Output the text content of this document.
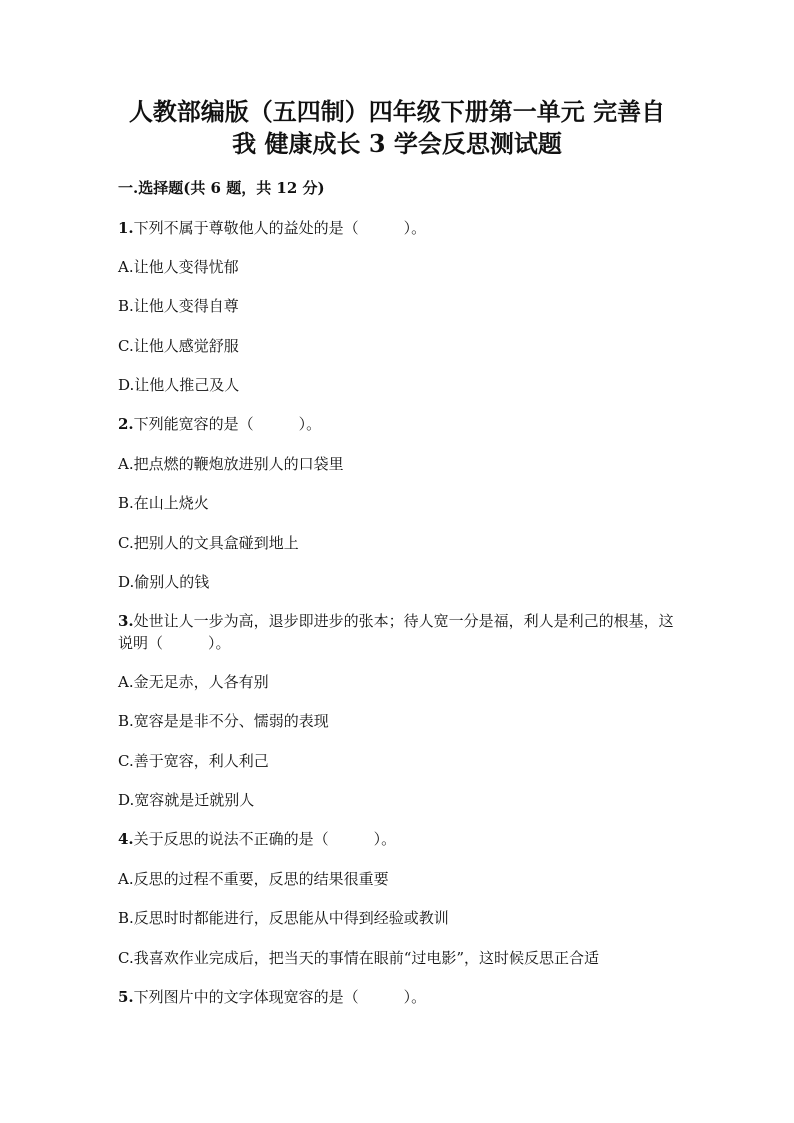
人教部编版（五四制）四年级下册第一单元 完善自
我 健康成长 3 学会反思测试题
一.选择题(共 6 题，共 12 分)
1.下列不属于尊敬他人的益处的是（　　　）。
A.让他人变得忧郁
B.让他人变得自尊
C.让他人感觉舒服
D.让他人推己及人
2.下列能宽容的是（　　　）。
A.把点燃的鞭炮放进别人的口袋里
B.在山上烧火
C.把别人的文具盒碰到地上
D.偷别人的钱
3.处世让人一步为高，退步即进步的张本；待人宽一分是福，利人是利己的根基，这说明（　　　）。
A.金无足赤，人各有别
B.宽容是是非不分、懦弱的表现
C.善于宽容，利人利己
D.宽容就是迁就别人
4.关于反思的说法不正确的是（　　　）。
A.反思的过程不重要，反思的结果很重要
B.反思时时都能进行，反思能从中得到经验或教训
C.我喜欢作业完成后，把当天的事情在眼前“过电影”，这时候反思正合适
5.下列图片中的文字体现宽容的是（　　　）。
